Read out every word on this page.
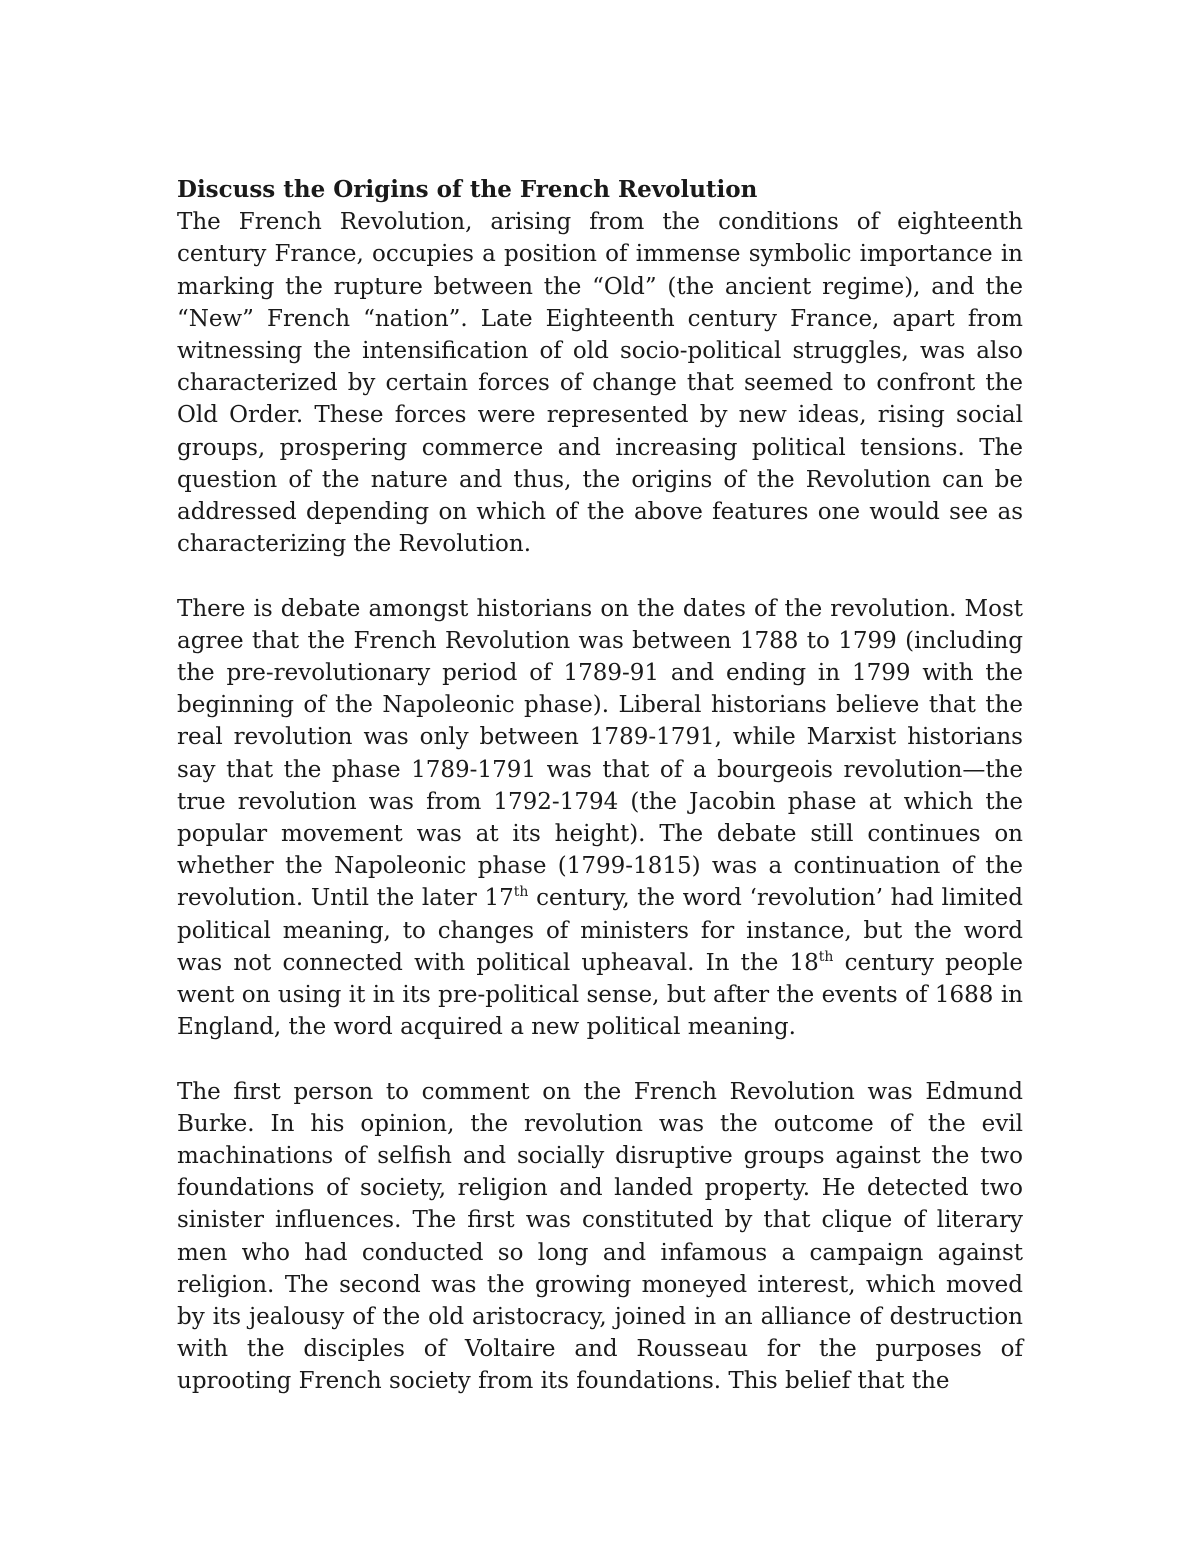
Discuss the Origins of the French Revolution

The French Revolution, arising from the conditions of eighteenth century France, occupies a position of immense symbolic importance in marking the rupture between the “Old” (the ancient regime), and the “New” French “nation”. Late Eighteenth century France, apart from witnessing the intensification of old socio-political struggles, was also characterized by certain forces of change that seemed to confront the Old Order. These forces were represented by new ideas, rising social groups, prospering commerce and increasing political tensions. The question of the nature and thus, the origins of the Revolution can be addressed depending on which of the above features one would see as characterizing the Revolution.

There is debate amongst historians on the dates of the revolution. Most agree that the French Revolution was between 1788 to 1799 (including the pre-revolutionary period of 1789-91 and ending in 1799 with the beginning of the Napoleonic phase). Liberal historians believe that the real revolution was only between 1789-1791, while Marxist historians say that the phase 1789-1791 was that of a bourgeois revolution—the true revolution was from 1792-1794 (the Jacobin phase at which the popular movement was at its height). The debate still continues on whether the Napoleonic phase (1799-1815) was a continuation of the revolution. Until the later 17th century, the word ‘revolution’ had limited political meaning, to changes of ministers for instance, but the word was not connected with political upheaval. In the 18th century people went on using it in its pre-political sense, but after the events of 1688 in England, the word acquired a new political meaning.

The first person to comment on the French Revolution was Edmund Burke. In his opinion, the revolution was the outcome of the evil machinations of selfish and socially disruptive groups against the two foundations of society, religion and landed property. He detected two sinister influences. The first was constituted by that clique of literary men who had conducted so long and infamous a campaign against religion. The second was the growing moneyed interest, which moved by its jealousy of the old aristocracy, joined in an alliance of destruction with the disciples of Voltaire and Rousseau for the purposes of uprooting French society from its foundations. This belief that the
